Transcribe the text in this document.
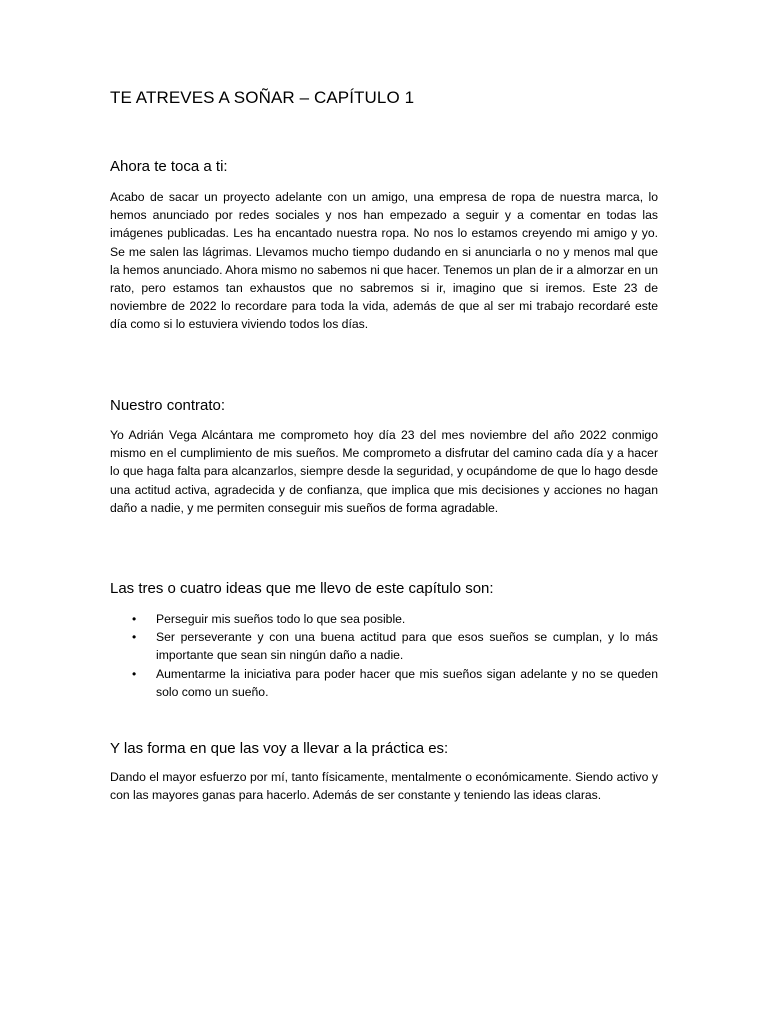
TE ATREVES A SOÑAR – CAPÍTULO 1
Ahora te toca a ti:

Acabo de sacar un proyecto adelante con un amigo, una empresa de ropa de nuestra marca, lo hemos anunciado por redes sociales y nos han empezado a seguir y a comentar en todas las imágenes publicadas. Les ha encantado nuestra ropa. No nos lo estamos creyendo mi amigo y yo. Se me salen las lágrimas. Llevamos mucho tiempo dudando en si anunciarla o no y menos mal que la hemos anunciado. Ahora mismo no sabemos ni que hacer. Tenemos un plan de ir a almorzar en un rato, pero estamos tan exhaustos que no sabremos si ir, imagino que si iremos. Este 23 de noviembre de 2022 lo recordare para toda la vida, además de que al ser mi trabajo recordaré este día como si lo estuviera viviendo todos los días.

Nuestro contrato:

Yo Adrián Vega Alcántara me comprometo hoy día 23 del mes noviembre del año 2022 conmigo mismo en el cumplimiento de mis sueños. Me comprometo a disfrutar del camino cada día y a hacer lo que haga falta para alcanzarlos, siempre desde la seguridad, y ocupándome de que lo hago desde una actitud activa, agradecida y de confianza, que implica que mis decisiones y acciones no hagan daño a nadie, y me permiten conseguir mis sueños de forma agradable.

Las tres o cuatro ideas que me llevo de este capítulo son:
• Perseguir mis sueños todo lo que sea posible.
• Ser perseverante y con una buena actitud para que esos sueños se cumplan, y lo más importante que sean sin ningún daño a nadie.
• Aumentarme la iniciativa para poder hacer que mis sueños sigan adelante y no se queden solo como un sueño.
Y las forma en que las voy a llevar a la práctica es:

Dando el mayor esfuerzo por mí, tanto físicamente, mentalmente o económicamente. Siendo activo y con las mayores ganas para hacerlo. Además de ser constante y teniendo las ideas claras.
